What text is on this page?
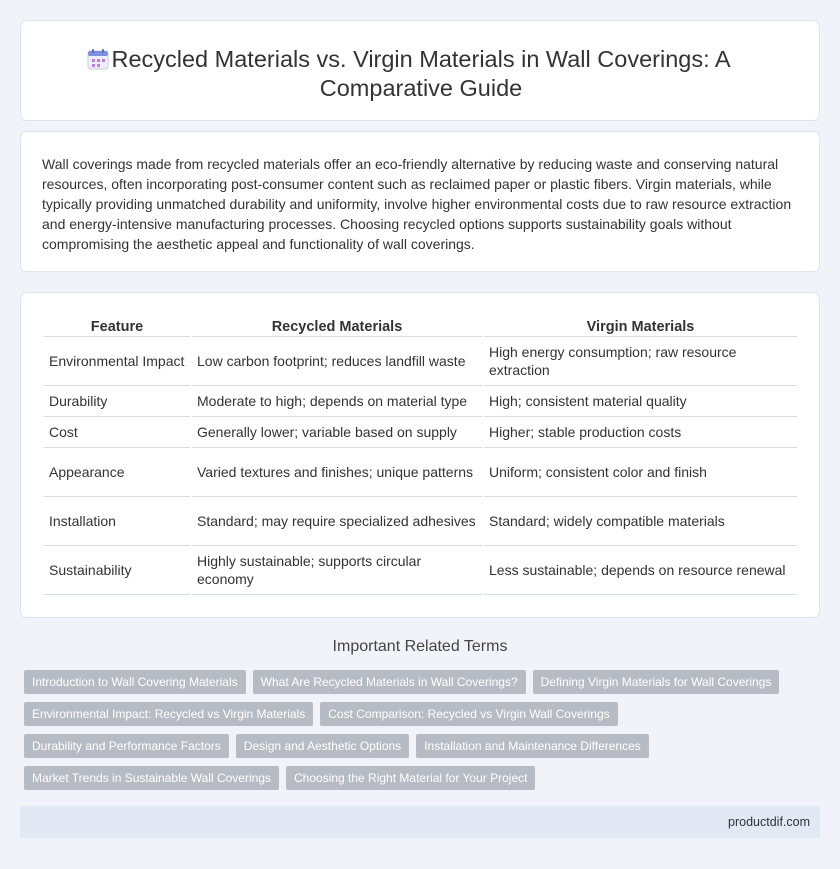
Recycled Materials vs. Virgin Materials in Wall Coverings: A Comparative Guide

Wall coverings made from recycled materials offer an eco-friendly alternative by reducing waste and conserving natural resources, often incorporating post-consumer content such as reclaimed paper or plastic fibers. Virgin materials, while typically providing unmatched durability and uniformity, involve higher environmental costs due to raw resource extraction and energy-intensive manufacturing processes. Choosing recycled options supports sustainability goals without compromising the aesthetic appeal and functionality of wall coverings.

Feature	Recycled Materials	Virgin Materials
Environmental Impact	Low carbon footprint; reduces landfill waste	High energy consumption; raw resource extraction
Durability	Moderate to high; depends on material type	High; consistent material quality
Cost	Generally lower; variable based on supply	Higher; stable production costs
Appearance	Varied textures and finishes; unique patterns	Uniform; consistent color and finish
Installation	Standard; may require specialized adhesives	Standard; widely compatible materials
Sustainability	Highly sustainable; supports circular economy	Less sustainable; depends on resource renewal
Important Related Terms
Introduction to Wall Covering Materials	What Are Recycled Materials in Wall Coverings?	Defining Virgin Materials for Wall Coverings
Environmental Impact: Recycled vs Virgin Materials	Cost Comparison: Recycled vs Virgin Wall Coverings
Durability and Performance Factors	Design and Aesthetic Options	Installation and Maintenance Differences
Market Trends in Sustainable Wall Coverings	Choosing the Right Material for Your Project
productdif.com
